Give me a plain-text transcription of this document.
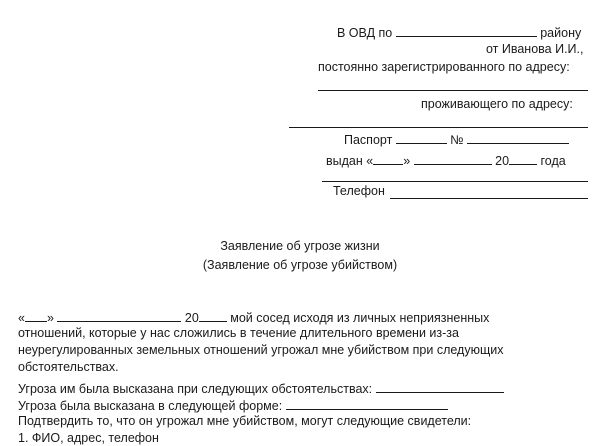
В ОВД по	району
от Иванова И.И.,
постоянно зарегистрированного по адресу:
проживающего по адресу:
Паспорт	№
выдан « »	20	года
Телефон
Заявление об угрозе жизни
(Заявление об угрозе убийством)
« »	20	мой сосед исходя из личных неприязненных
отношений, которые у нас сложились в течение длительного времени из-за
неурегулированных земельных отношений угрожал мне убийством при следующих
обстоятельствах.
Угроза им была высказана при следующих обстоятельствах:
Угроза была высказана в следующей форме:
Подтвердить то, что он угрожал мне убийством, могут следующие свидетели:
1. ФИО, адрес, телефон
